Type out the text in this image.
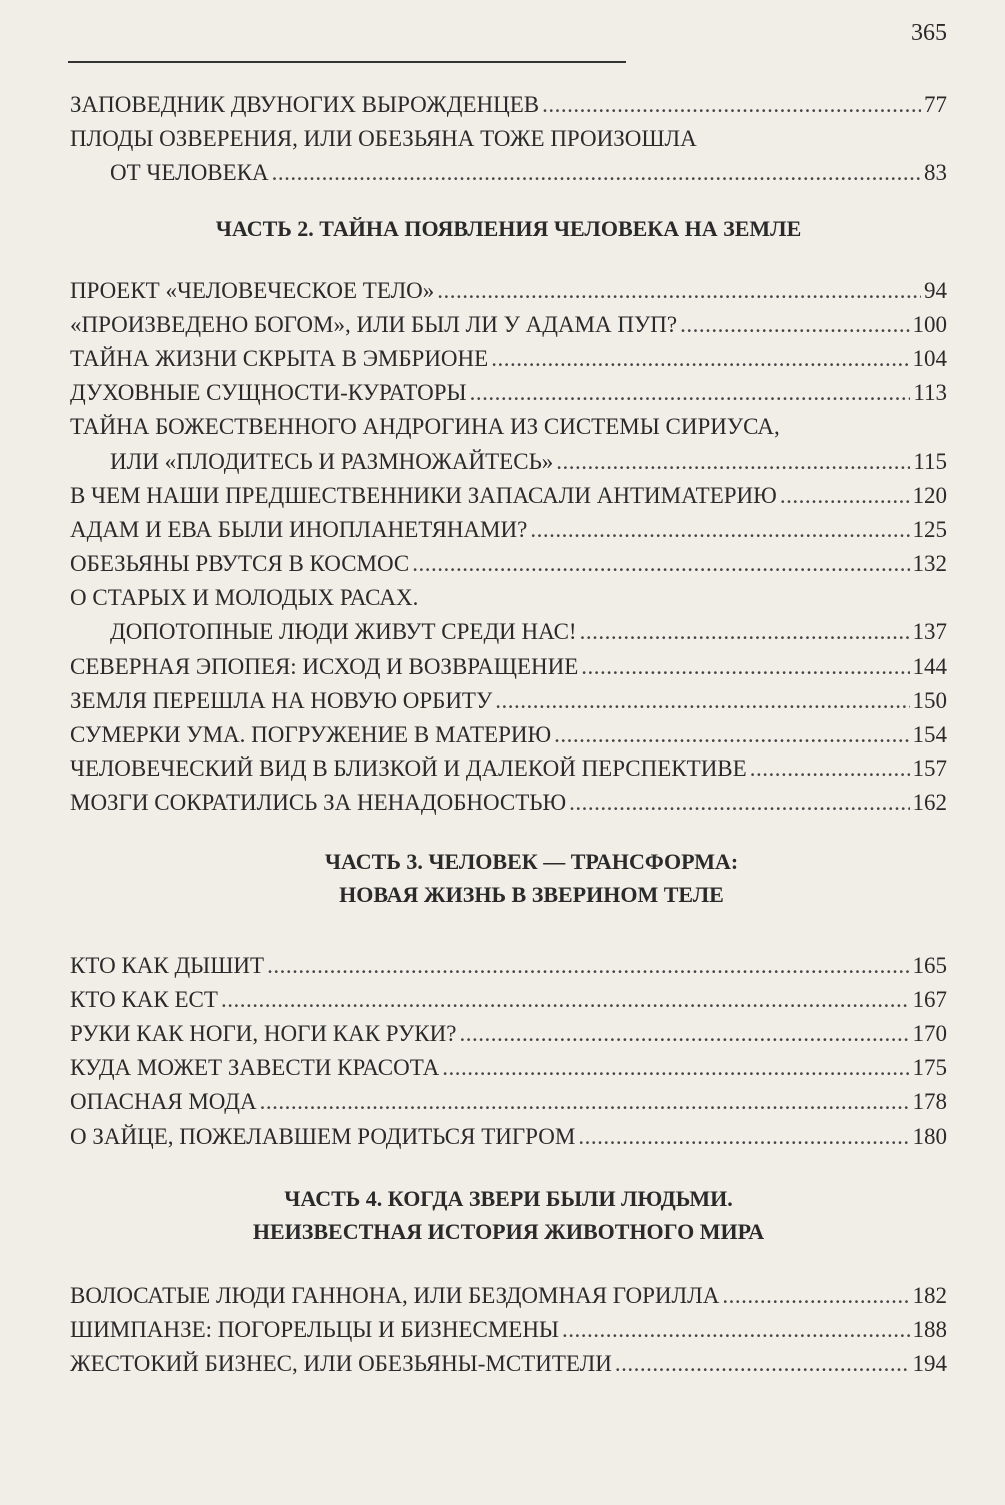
365
ЗАПОВЕДНИК ДВУНОГИХ ВЫРОЖДЕНЦЕВ .....	77
ПЛОДЫ ОЗВЕРЕНИЯ, ИЛИ ОБЕЗЬЯНА ТОЖЕ ПРОИЗОШЛА
ОТ ЧЕЛОВЕКА .....	83
ЧАСТЬ 2. ТАЙНА ПОЯВЛЕНИЯ ЧЕЛОВЕКА НА ЗЕМЛЕ
ПРОЕКТ «ЧЕЛОВЕЧЕСКОЕ ТЕЛО» .....	94
«ПРОИЗВЕДЕНО БОГОМ», ИЛИ БЫЛ ЛИ У АДАМА ПУП? .....	100
ТАЙНА ЖИЗНИ СКРЫТА В ЭМБРИОНЕ .....	104
ДУХОВНЫЕ СУЩНОСТИ-КУРАТОРЫ .....	113
ТАЙНА БОЖЕСТВЕННОГО АНДРОГИНА ИЗ СИСТЕМЫ СИРИУСА,
ИЛИ «ПЛОДИТЕСЬ И РАЗМНОЖАЙТЕСЬ» .....	115
В ЧЕМ НАШИ ПРЕДШЕСТВЕННИКИ ЗАПАСАЛИ АНТИМАТЕРИЮ .....	120
АДАМ И ЕВА БЫЛИ ИНОПЛАНЕТЯНАМИ? .....	125
ОБЕЗЬЯНЫ РВУТСЯ В КОСМОС .....	132
О СТАРЫХ И МОЛОДЫХ РАСАХ.
ДОПОТОПНЫЕ ЛЮДИ ЖИВУТ СРЕДИ НАС! .....	137
СЕВЕРНАЯ ЭПОПЕЯ: ИСХОД И ВОЗВРАЩЕНИЕ .....	144
ЗЕМЛЯ ПЕРЕШЛА НА НОВУЮ ОРБИТУ .....	150
СУМЕРКИ УМА. ПОГРУЖЕНИЕ В МАТЕРИЮ .....	154
ЧЕЛОВЕЧЕСКИЙ ВИД В БЛИЗКОЙ И ДАЛЕКОЙ ПЕРСПЕКТИВЕ .....	157
МОЗГИ СОКРАТИЛИСЬ ЗА НЕНАДОБНОСТЬЮ .....	162
ЧАСТЬ 3. ЧЕЛОВЕК — ТРАНСФОРМА:
НОВАЯ ЖИЗНЬ В ЗВЕРИНОМ ТЕЛЕ
КТО КАК ДЫШИТ .....	165
КТО КАК ЕСТ .....	167
РУКИ КАК НОГИ, НОГИ КАК РУКИ? .....	170
КУДА МОЖЕТ ЗАВЕСТИ КРАСОТА .....	175
ОПАСНАЯ МОДА .....	178
О ЗАЙЦЕ, ПОЖЕЛАВШЕМ РОДИТЬСЯ ТИГРОМ .....	180
ЧАСТЬ 4. КОГДА ЗВЕРИ БЫЛИ ЛЮДЬМИ.
НЕИЗВЕСТНАЯ ИСТОРИЯ ЖИВОТНОГО МИРА
ВОЛОСАТЫЕ ЛЮДИ ГАННОНА, ИЛИ БЕЗДОМНАЯ ГОРИЛЛА .....	182
ШИМПАНЗЕ: ПОГОРЕЛЬЦЫ И БИЗНЕСМЕНЫ .....	188
ЖЕСТОКИЙ БИЗНЕС, ИЛИ ОБЕЗЬЯНЫ-МСТИТЕЛИ .....	194
